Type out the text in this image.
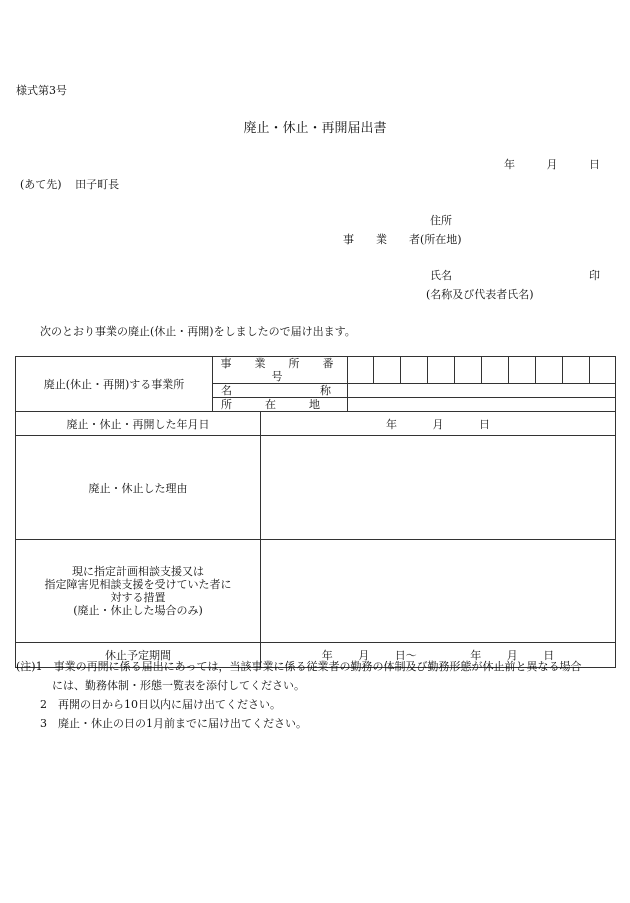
様式第3号
廃止・休止・再開届出書
年	月	日
(あて先) 田子町長
住所
事　　業　　者(所在地)
氏名	印
(名称及び代表者氏名)
次のとおり事業の廃止(休止・再開)をしましたので届け出ます。
廃止(休止・再開)する事業所	事　業　所　番　号											
	名　　　　　　　　称											
	所　　　在　　　地											
廃止・休止・再開した年月日		年 月 日										
廃止・休止した理由												

現に指定計画相談支援又は
指定障害児相談支援を受けていた者に
対する措置
(廃止・休止した場合のみ)												

休止予定期間		年 月 日～ 年 月 日										
(注)1　事業の再開に係る届出にあっては，当該事業に係る従業者の勤務の体制及び勤務形態が休止前と異なる場合
には、勤務体制・形態一覧表を添付してください。
2　再開の日から10日以内に届け出てください。
3　廃止・休止の日の1月前までに届け出てください。
